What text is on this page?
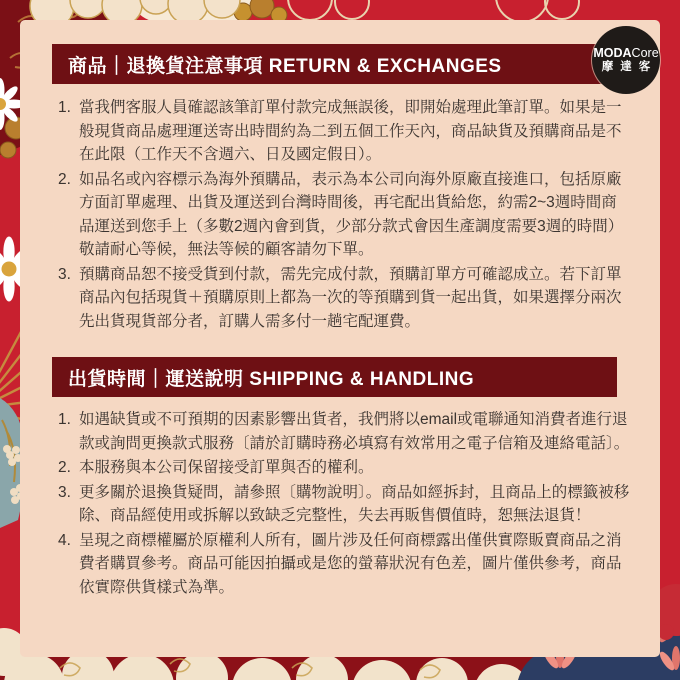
商品｜退換貨注意事項 RETURN & EXCHANGES
1. 當我們客服人員確認該筆訂單付款完成無誤後，即開始處理此筆訂單。如果是一般現貨商品處理運送寄出時間約為二到五個工作天內，商品缺貨及預購商品是不在此限（工作天不含週六、日及國定假日）。
2. 如品名或內容標示為海外預購品，表示為本公司向海外原廠直接進口，包括原廠方面訂單處理、出貨及運送到台灣時間後，再宅配出貨給您，約需2~3週時間商品運送到您手上（多數2週內會到貨，少部分款式會因生產調度需要3週的時間）敬請耐心等候，無法等候的顧客請勿下單。
3. 預購商品恕不接受貨到付款，需先完成付款，預購訂單方可確認成立。若下訂單商品內包括現貨＋預購原則上都為一次的等預購到貨一起出貨，如果選擇分兩次先出貨現貨部分者，訂購人需多付一趟宅配運費。
出貨時間｜運送說明 SHIPPING & HANDLING
1. 如遇缺貨或不可預期的因素影響出貨者，我們將以email或電聯通知消費者進行退款或詢問更換款式服務〔請於訂購時務必填寫有效常用之電子信箱及連絡電話〕。
2. 本服務與本公司保留接受訂單與否的權利。
3. 更多關於退換貨疑問，請參照〔購物說明〕。商品如經拆封，且商品上的標籤被移除、商品經使用或拆解以致缺乏完整性，失去再販售價值時，恕無法退貨！
4. 呈現之商標權屬於原權利人所有，圖片涉及任何商標露出僅供實際販賣商品之消費者購買參考。商品可能因拍攝或是您的螢幕狀況有色差，圖片僅供參考，商品依實際供貨樣式為準。
MODACore
摩達客
